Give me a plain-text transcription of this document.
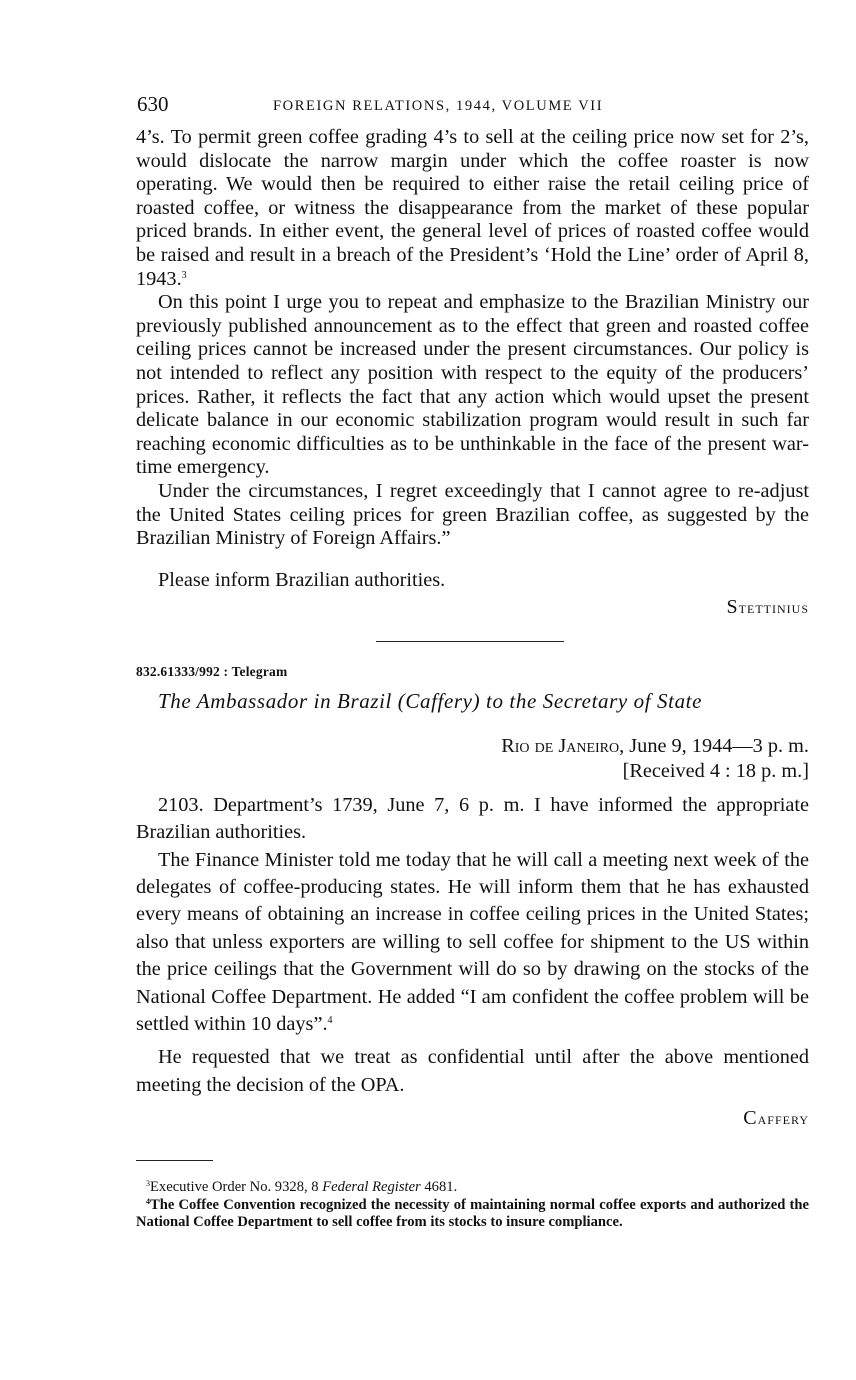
630	FOREIGN RELATIONS, 1944, VOLUME VII

4’s. To permit green coffee grading 4’s to sell at the ceiling price now set for 2’s, would dislocate the narrow margin under which the coffee roaster is now operating. We would then be required to either raise the retail ceiling price of roasted coffee, or witness the disappearance from the market of these popular priced brands. In either event, the general level of prices of roasted coffee would be raised and result in a breach of the President’s ‘Hold the Line’ order of April 8, 1943.$^3$

On this point I urge you to repeat and emphasize to the Brazilian Ministry our previously published announcement as to the effect that green and roasted coffee ceiling prices cannot be increased under the present circumstances. Our policy is not intended to reflect any position with respect to the equity of the producers’ prices. Rather, it reflects the fact that any action which would upset the present delicate balance in our economic stabilization program would result in such far reaching economic difficulties as to be unthinkable in the face of the present war-time emergency.

Under the circumstances, I regret exceedingly that I cannot agree to re-adjust the United States ceiling prices for green Brazilian coffee, as suggested by the Brazilian Ministry of Foreign Affairs.”

Please inform Brazilian authorities.
Stettinius
832.61333/992 : Telegram
The Ambassador in Brazil (Caffery) to the Secretary of State
Rio de Janeiro, June 9, 1944—3 p. m.
[Received 4 : 18 p. m.]

2103. Department’s 1739, June 7, 6 p. m. I have informed the appropriate Brazilian authorities.

The Finance Minister told me today that he will call a meeting next week of the delegates of coffee-producing states. He will inform them that he has exhausted every means of obtaining an increase in coffee ceiling prices in the United States; also that unless exporters are willing to sell coffee for shipment to the US within the price ceilings that the Government will do so by drawing on the stocks of the National Coffee Department. He added “I am confident the coffee problem will be settled within 10 days”.$^4$

He requested that we treat as confidential until after the above mentioned meeting the decision of the OPA.

Caffery

$^3$Executive Order No. 9328, 8 Federal Register 4681.

$^4$The Coffee Convention recognized the necessity of maintaining normal coffee exports and authorized the National Coffee Department to sell coffee from its stocks to insure compliance.
